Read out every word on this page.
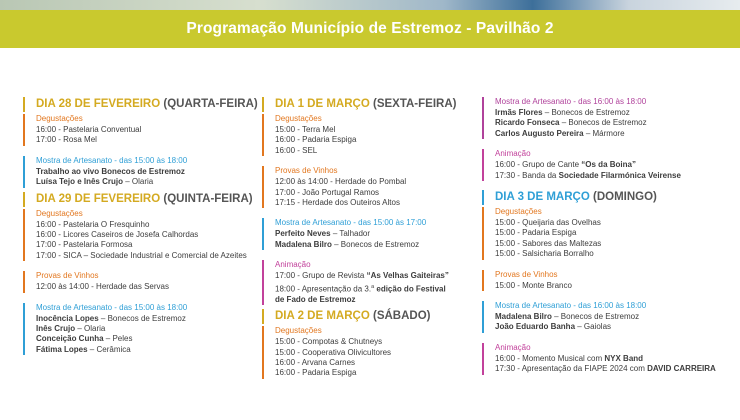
Programação Município de Estremoz - Pavilhão 2
DIA 28 DE FEVEREIRO (QUARTA-FEIRA)
Degustações
16:00 - Pastelaria Conventual
17:00 - Rosa Mel
Mostra de Artesanato - das 15:00 às 18:00
Trabalho ao vivo Bonecos de Estremoz
Luísa Tejo e Inês Crujo – Olaria
DIA 29 DE FEVEREIRO (QUINTA-FEIRA)
Degustações
16:00 - Pastelaria O Fresquinho
16:00 - Licores Caseiros de Josefa Calhordas
17:00 - Pastelaria Formosa
17:00 - SICA – Sociedade Industrial e Comercial de Azeites
Provas de Vinhos
12:00 às 14:00 - Herdade das Servas
Mostra de Artesanato - das 15:00 às 18:00
Inocência Lopes – Bonecos de Estremoz
Inês Crujo – Olaria
Conceição Cunha – Peles
Fátima Lopes – Cerâmica
DIA 1 DE MARÇO (SEXTA-FEIRA)
Degustações
15:00 - Terra Mel
16:00 - Padaria Espiga
16:00 - SEL
Provas de Vinhos
12:00 às 14:00 - Herdade do Pombal
17:00 - João Portugal Ramos
17:15 - Herdade dos Outeiros Altos
Mostra de Artesanato - das 15:00 às 17:00
Perfeito Neves – Talhador
Madalena Bilro – Bonecos de Estremoz
Animação
17:00 - Grupo de Revista “As Velhas Gaiteiras”
18:00 - Apresentação da 3.$^a$ edição do Festival
de Fado de Estremoz
DIA 2 DE MARÇO (SÁBADO)
Degustações
15:00 - Compotas & Chutneys
15:00 - Cooperativa Olivicultores
16:00 - Arvana Carnes
16:00 - Padaria Espiga
Mostra de Artesanato - das 16:00 às 18:00
Irmãs Flores – Bonecos de Estremoz
Ricardo Fonseca – Bonecos de Estremoz
Carlos Augusto Pereira – Mármore
Animação
16:00 - Grupo de Cante “Os da Boina”
17:30 - Banda da Sociedade Filarmónica Veirense
DIA 3 DE MARÇO (DOMINGO)
Degustações
15:00 - Queijaria das Ovelhas
15:00 - Padaria Espiga
15:00 - Sabores das Maltezas
15:00 - Salsicharia Borralho
Provas de Vinhos
15:00 - Monte Branco
Mostra de Artesanato - das 16:00 às 18:00
Madalena Bilro – Bonecos de Estremoz
João Eduardo Banha – Gaiolas
Animação
16:00 - Momento Musical com NYX Band
17:30 - Apresentação da FIAPE 2024 com DAVID CARREIRA
